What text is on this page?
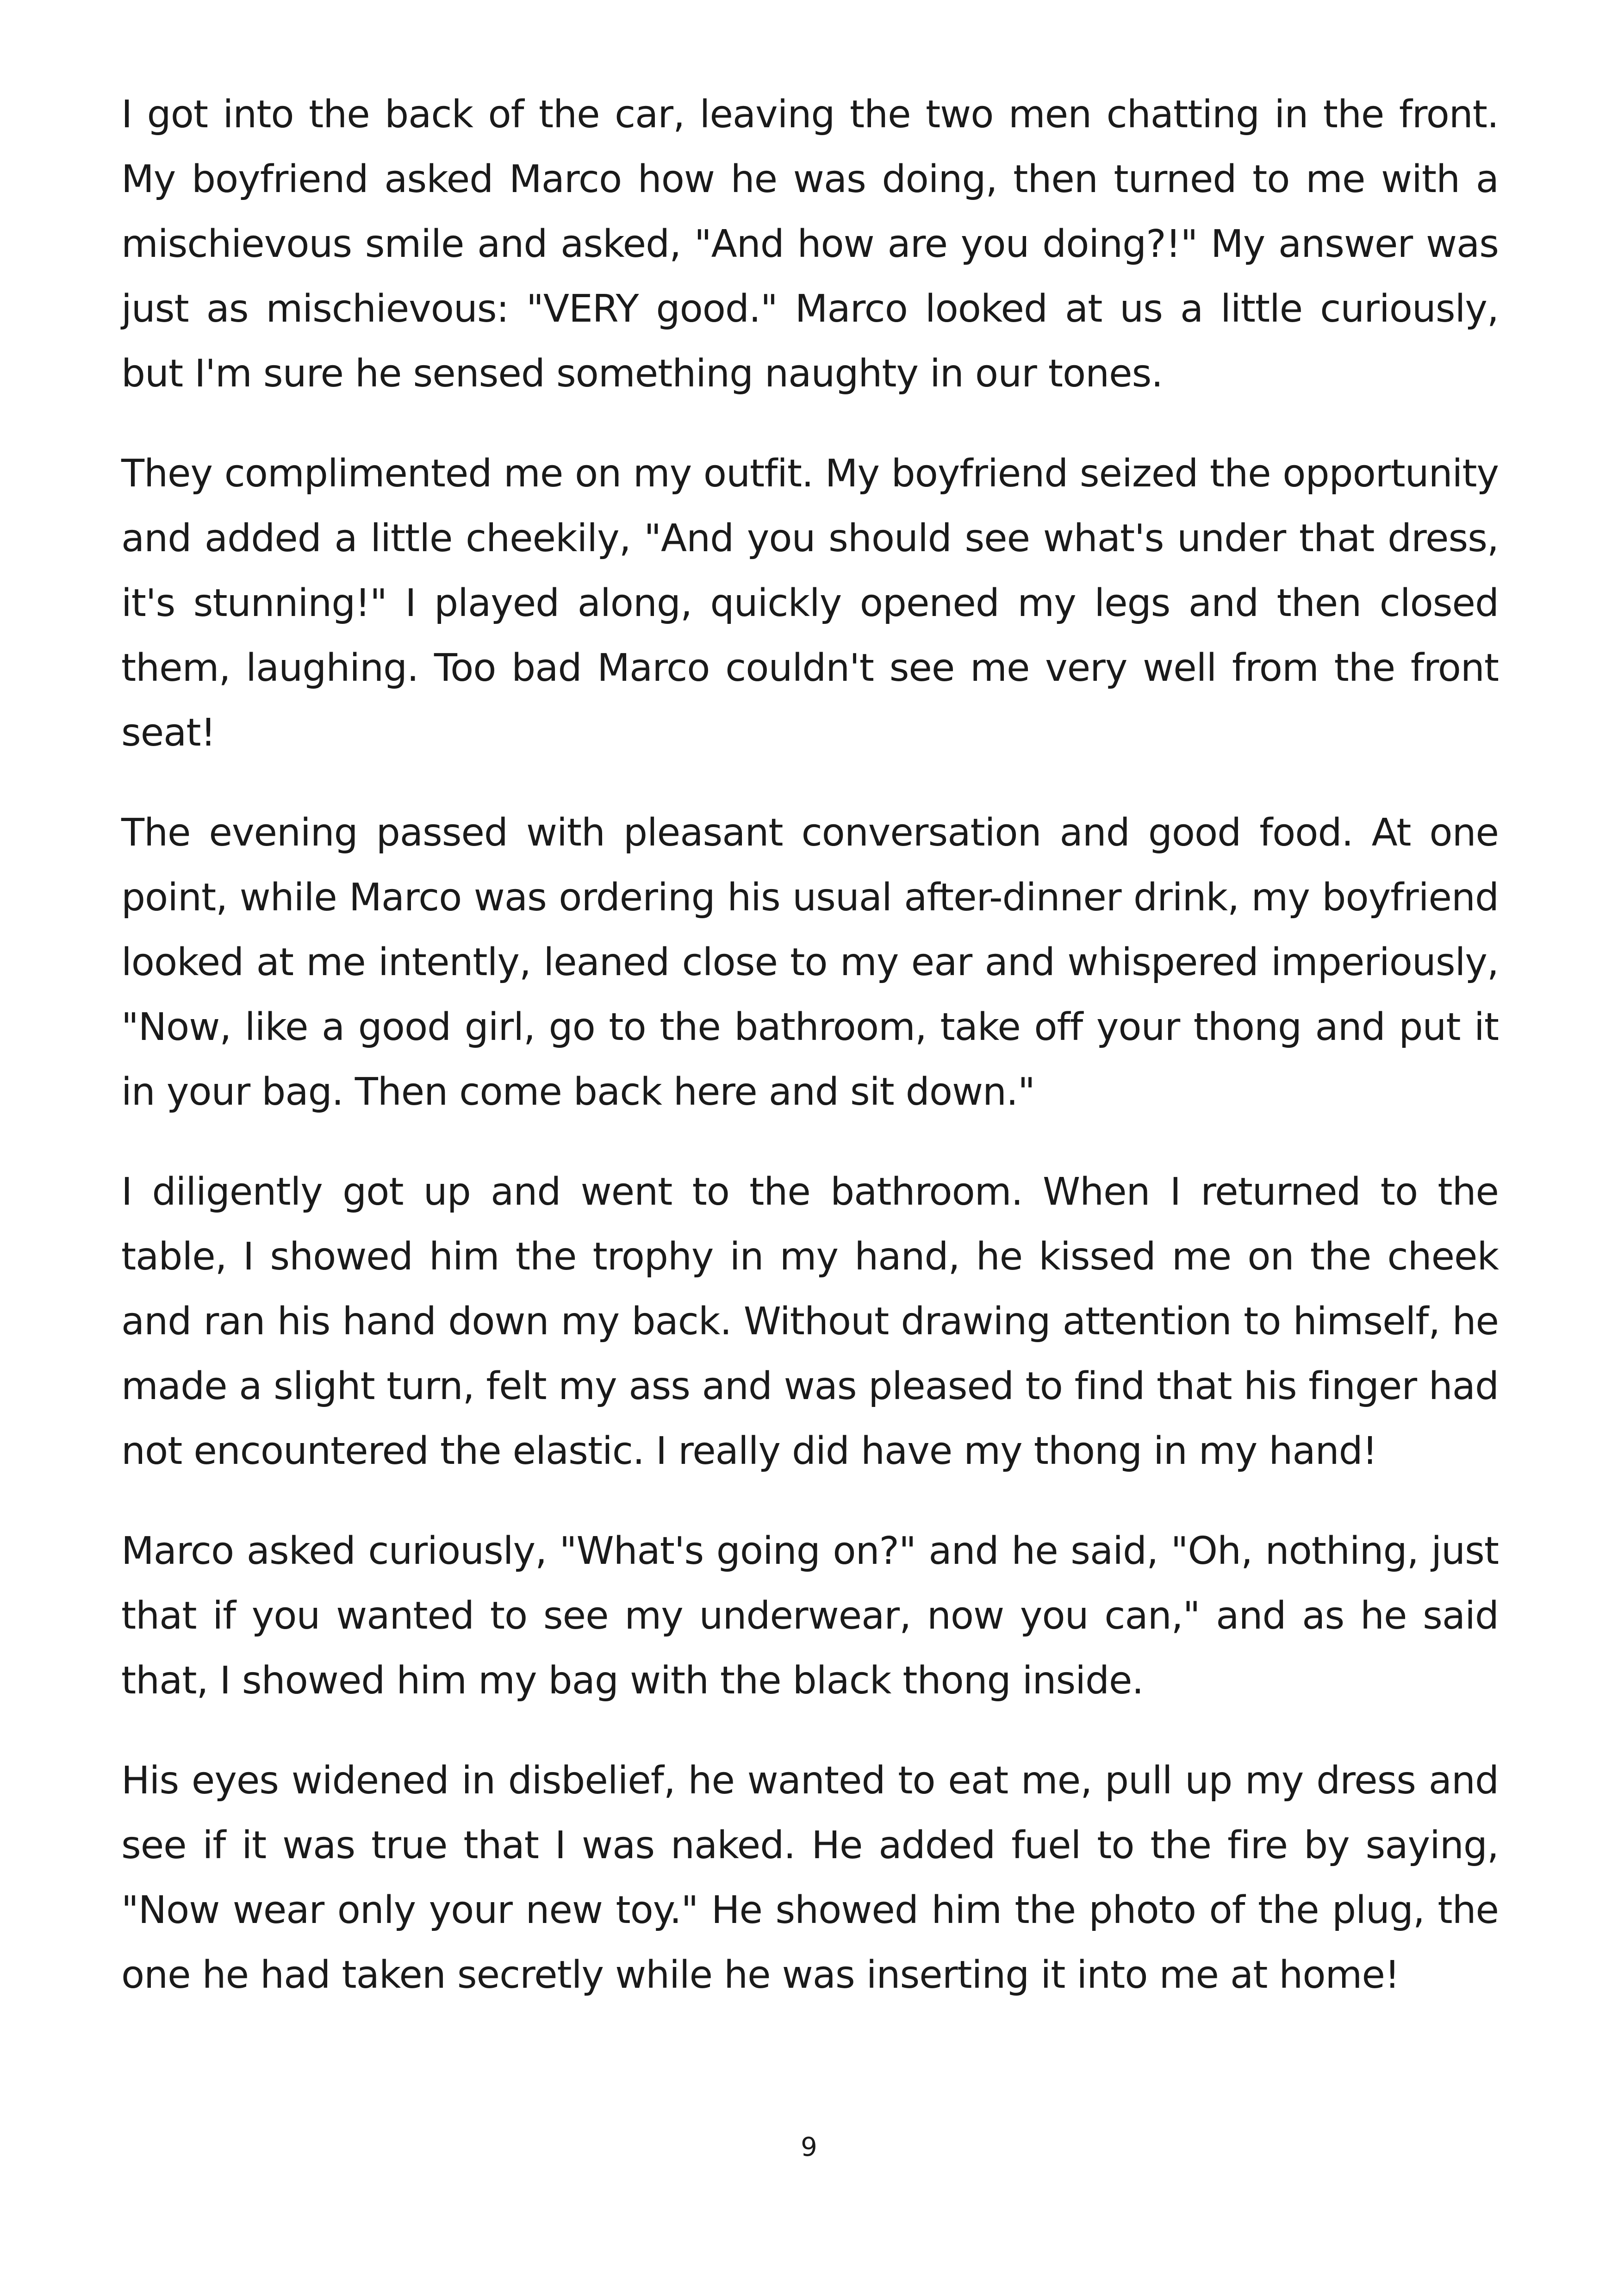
I got into the back of the car, leaving the two men chatting in the front. My boyfriend asked Marco how he was doing, then turned to me with a mischievous smile and asked, "And how are you doing?!" My answer was just as mischievous: "VERY good." Marco looked at us a little curiously, but I'm sure he sensed something naughty in our tones.

They complimented me on my outfit. My boyfriend seized the opportunity and added a little cheekily, "And you should see what's under that dress, it's stunning!" I played along, quickly opened my legs and then closed them, laughing. Too bad Marco couldn't see me very well from the front seat!

The evening passed with pleasant conversation and good food. At one point, while Marco was ordering his usual after-dinner drink, my boyfriend looked at me intently, leaned close to my ear and whispered imperiously, "Now, like a good girl, go to the bathroom, take off your thong and put it in your bag. Then come back here and sit down."

I diligently got up and went to the bathroom. When I returned to the table, I showed him the trophy in my hand, he kissed me on the cheek and ran his hand down my back. Without drawing attention to himself, he made a slight turn, felt my ass and was pleased to find that his finger had not encountered the elastic. I really did have my thong in my hand!

Marco asked curiously, "What's going on?" and he said, "Oh, nothing, just that if you wanted to see my underwear, now you can," and as he said that, I showed him my bag with the black thong inside.

His eyes widened in disbelief, he wanted to eat me, pull up my dress and see if it was true that I was naked. He added fuel to the fire by saying, "Now wear only your new toy." He showed him the photo of the plug, the one he had taken secretly while he was inserting it into me at home!

9
